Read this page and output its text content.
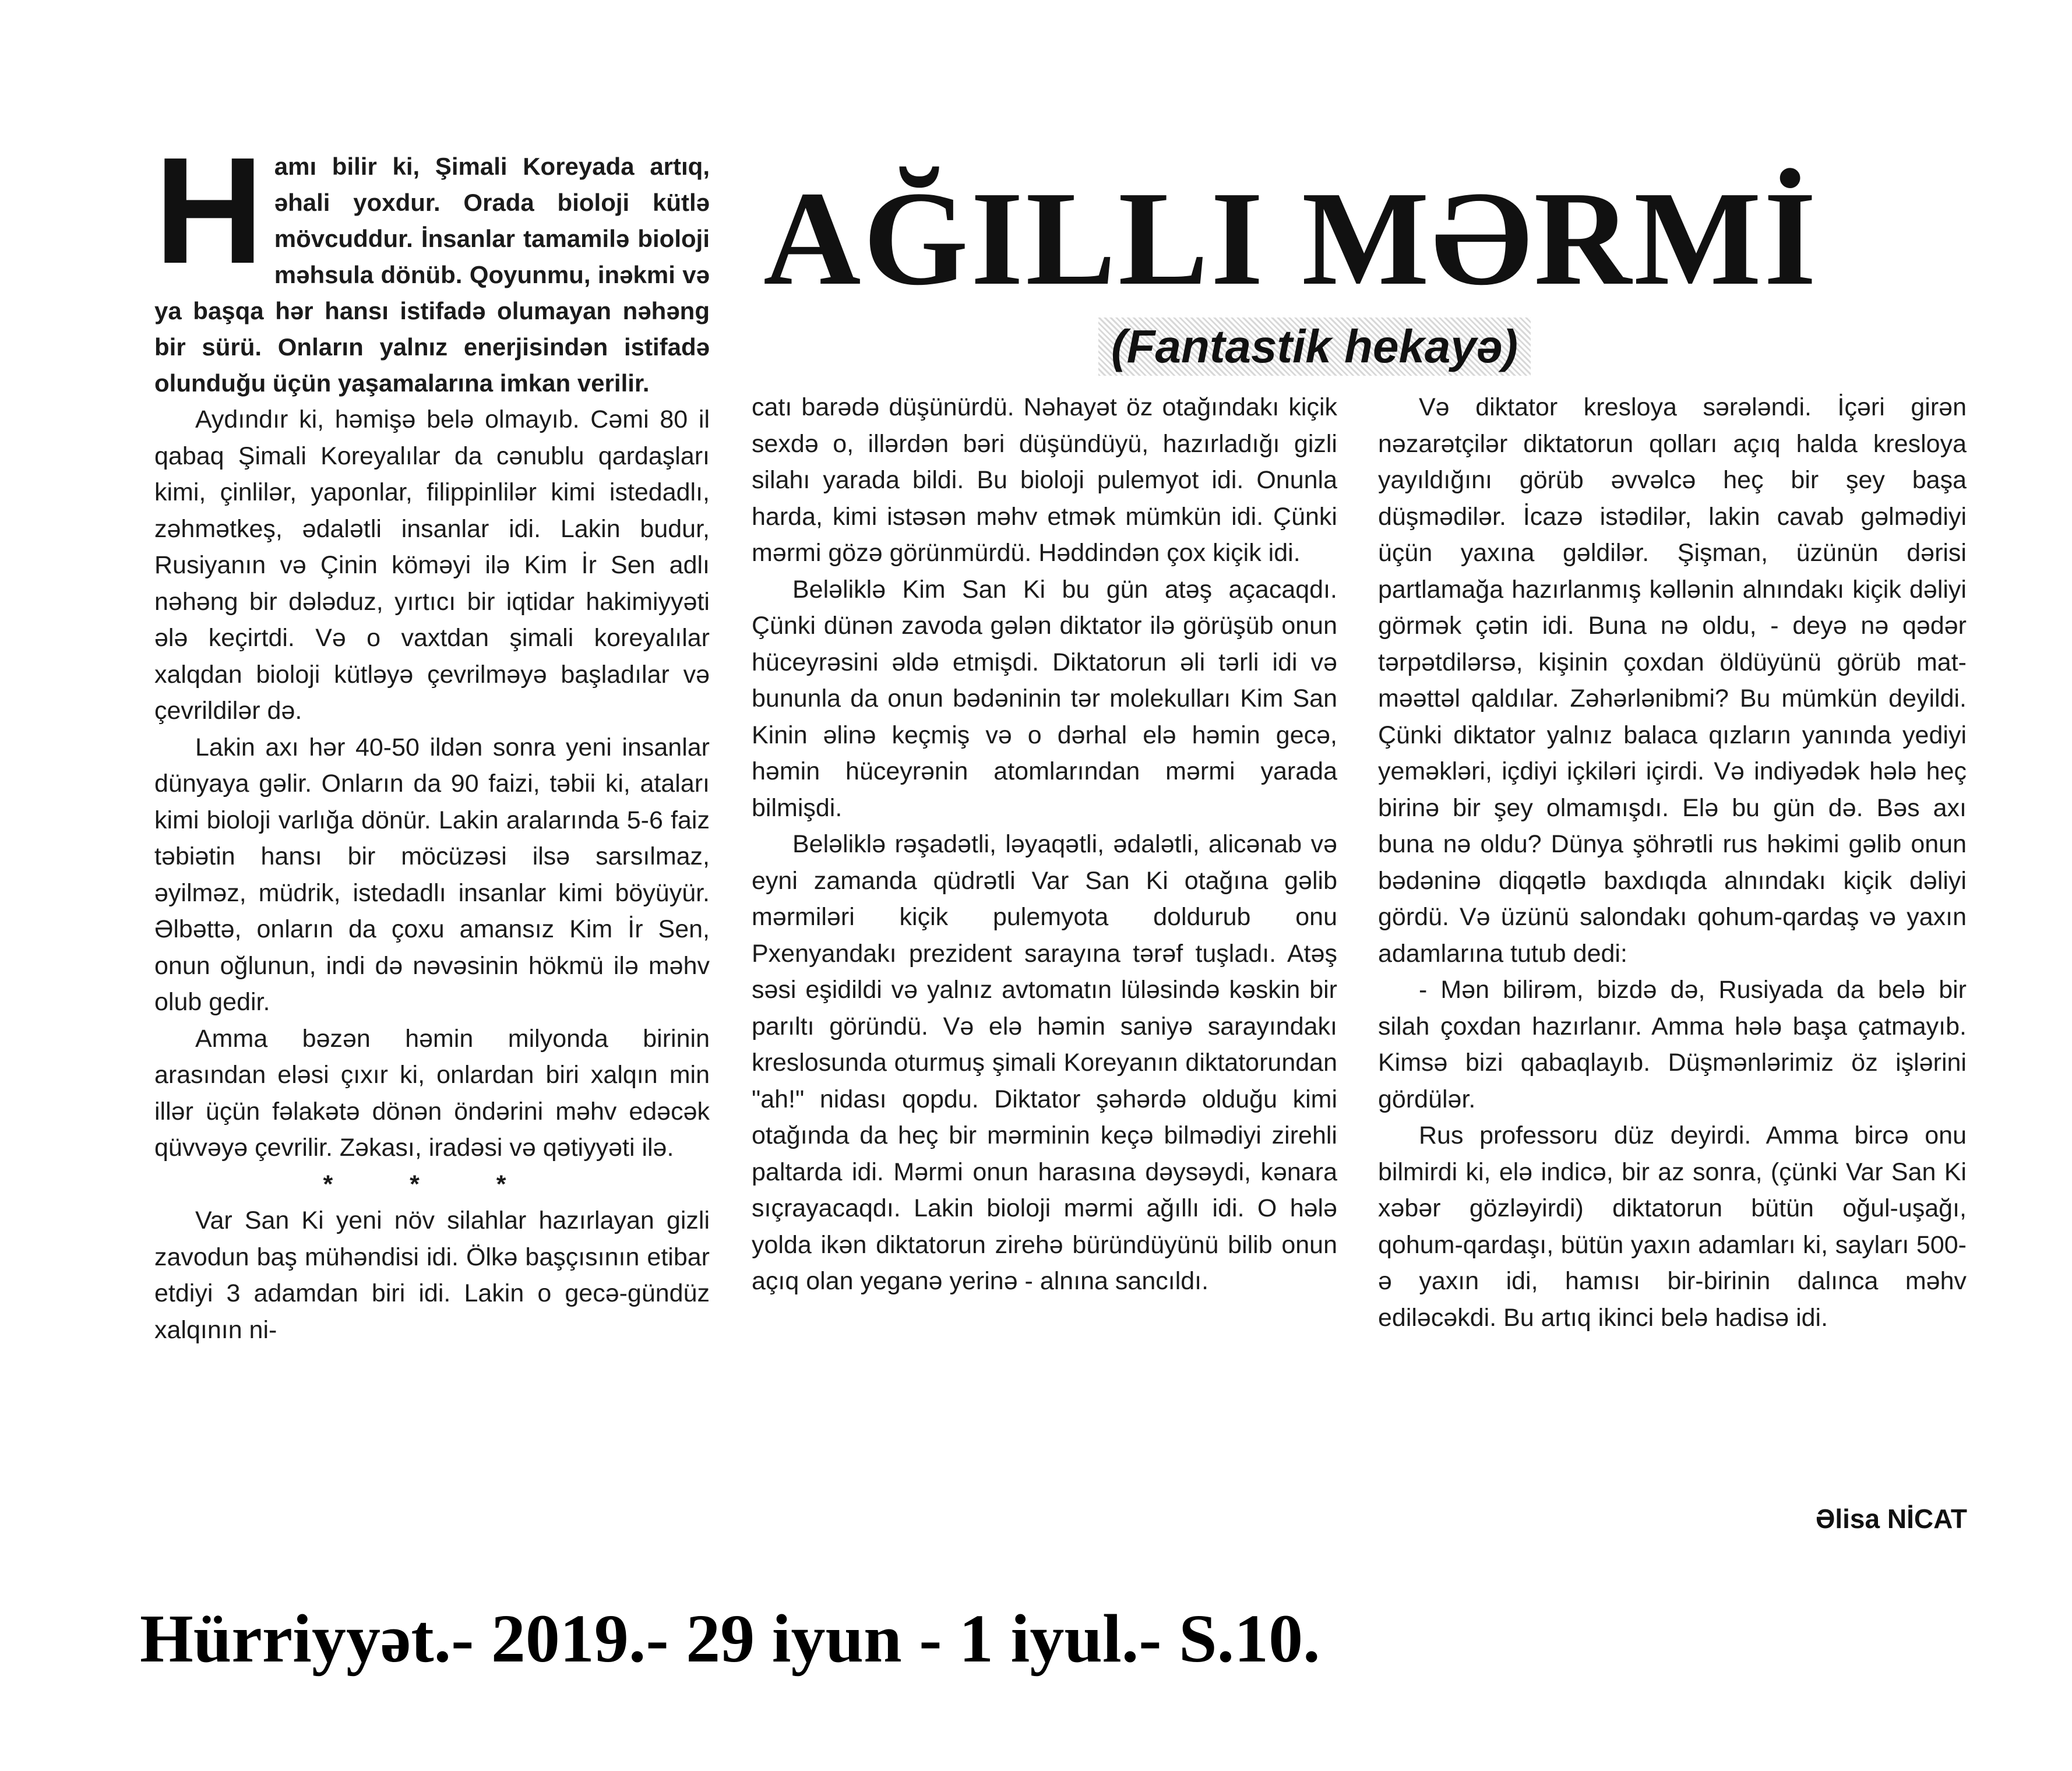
AĞILLI MƏRMİ
(Fantastik hekayə)
Hamı bilir ki, Şimali Koreyada artıq, əhali yoxdur. Orada bioloji kütlə mövcuddur. İnsanlar tamamilə bioloji məhsula dönüb. Qoyunmu, inəkmi və ya başqa hər hansı istifadə olumayan nəhəng bir sürü. Onların yalnız enerjisindən istifadə olunduğu üçün yaşamalarına imkan verilir.

Aydındır ki, həmişə belə olmayıb. Cəmi 80 il qabaq Şimali Koreyalılar da cənublu qardaşları kimi, çinlilər, yaponlar, filippinlilər kimi istedadlı, zəhmətkeş, ədalətli insanlar idi. Lakin budur, Rusiyanın və Çinin köməyi ilə Kim İr Sen adlı nəhəng bir dələduz, yırtıcı bir iqtidar hakimiyyəti ələ keçirtdi. Və o vaxtdan şimali koreyalılar xalqdan bioloji kütləyə çevrilməyə başladılar və çevrildilər də.

Lakin axı hər 40-50 ildən sonra yeni insanlar dünyaya gəlir. Onların da 90 faizi, təbii ki, ataları kimi bioloji varlığa dönür. Lakin aralarında 5-6 faiz təbiətin hansı bir möcüzəsi ilsə sarsılmaz, əyilməz, müdrik, istedadlı insanlar kimi böyüyür. Əlbəttə, onların da çoxu amansız Kim İr Sen, onun oğlunun, indi də nəvəsinin hökmü ilə məhv olub gedir.

Amma bəzən həmin milyonda birinin arasından eləsi çıxır ki, onlardan biri xalqın min illər üçün fəlakətə dönən öndərini məhv edəcək qüvvəyə çevrilir. Zəkası, iradəsi və qətiyyəti ilə.

* * *

Var San Ki yeni növ silahlar hazırlayan gizli zavodun baş mühəndisi idi. Ölkə başçısının etibar etdiyi 3 adamdan biri idi. Lakin o gecə-gündüz xalqının ni-

catı barədə düşünürdü. Nəhayət öz otağındakı kiçik sexdə o, illərdən bəri düşündüyü, hazırladığı gizli silahı yarada bildi. Bu bioloji pulemyot idi. Onunla harda, kimi istəsən məhv etmək mümkün idi. Çünki mərmi gözə görünmürdü. Həddindən çox kiçik idi.

Beləliklə Kim San Ki bu gün atəş açacaqdı. Çünki dünən zavoda gələn diktator ilə görüşüb onun hüceyrəsini əldə etmişdi. Diktatorun əli tərli idi və bununla da onun bədəninin tər molekulları Kim San Kinin əlinə keçmiş və o dərhal elə həmin gecə, həmin hüceyrənin atomlarından mərmi yarada bilmişdi.

Beləliklə rəşadətli, ləyaqətli, ədalətli, alicənab və eyni zamanda qüdrətli Var San Ki otağına gəlib mərmiləri kiçik pulemyota doldurub onu Pxenyandakı prezident sarayına tərəf tuşladı. Atəş səsi eşidildi və yalnız avtomatın lüləsində kəskin bir parıltı göründü. Və elə həmin saniyə sarayındakı kreslosunda oturmuş şimali Koreyanın diktatorundan "ah!" nidası qopdu. Diktator şəhərdə olduğu kimi otağında da heç bir mərminin keçə bilmədiyi zirehli paltarda idi. Mərmi onun harasına dəysəydi, kənara sıçrayacaqdı. Lakin bioloji mərmi ağıllı idi. O hələ yolda ikən diktatorun zirehə büründüyünü bilib onun açıq olan yeganə yerinə - alnına sancıldı.

Və diktator kresloya sərələndi. İçəri girən nəzarətçilər diktatorun qolları açıq halda kresloya yayıldığını görüb əvvəlcə heç bir şey başa düşmədilər. İcazə istədilər, lakin cavab gəlmədiyi üçün yaxına gəldilər. Şişman, üzünün dərisi partlamağa hazırlanmış kəllənin alnındakı kiçik dəliyi görmək çətin idi. Buna nə oldu, - deyə nə qədər tərpətdilərsə, kişinin çoxdan öldüyünü görüb mat-məəttəl qaldılar. Zəhərlənibmi? Bu mümkün deyildi. Çünki diktator yalnız balaca qızların yanında yediyi yeməkləri, içdiyi içkiləri içirdi. Və indiyədək hələ heç birinə bir şey olmamışdı. Elə bu gün də. Bəs axı buna nə oldu? Dünya şöhrətli rus həkimi gəlib onun bədəninə diqqətlə baxdıqda alnındakı kiçik dəliyi gördü. Və üzünü salondakı qohum-qardaş və yaxın adamlarına tutub dedi:

- Mən bilirəm, bizdə də, Rusiyada da belə bir silah çoxdan hazırlanır. Amma hələ başa çatmayıb. Kimsə bizi qabaqlayıb. Düşmənlərimiz öz işlərini gördülər.

Rus professoru düz deyirdi. Amma bircə onu bilmirdi ki, elə indicə, bir az sonra, (çünki Var San Ki xəbər gözləyirdi) diktatorun bütün oğul-uşağı, qohum-qardaşı, bütün yaxın adamları ki, sayları 500-ə yaxın idi, hamısı bir-birinin dalınca məhv ediləcəkdi. Bu artıq ikinci belə hadisə idi.

Əlisa NİCAT
Hürriyyət.- 2019.- 29 iyun - 1 iyul.- S.10.
